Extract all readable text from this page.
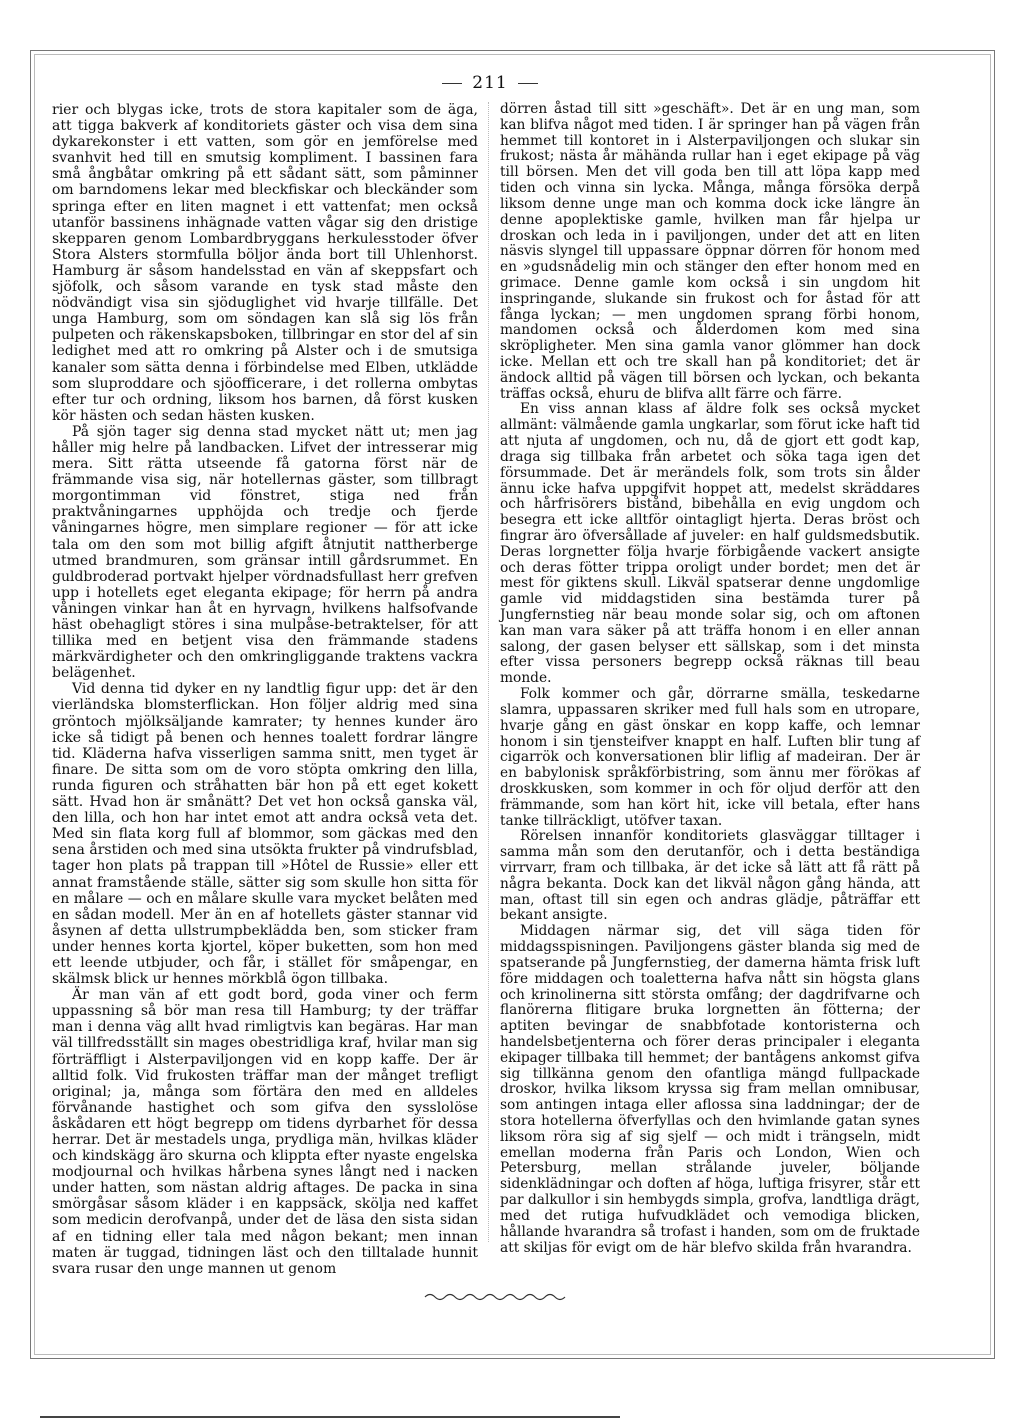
211

rier och blygas icke, trots de stora kapitaler som de äga, att tigga bakverk af konditoriets gäster och visa dem sina dykarekonster i ett vatten, som gör en jemförelse med svanhvit hed till en smutsig kompliment. I bassinen fara små ångbåtar omkring på ett sådant sätt, som påminner om barndomens lekar med bleckfiskar och bleckänder som springa efter en liten magnet i ett vattenfat; men också utanför bassinens inhägnade vatten vågar sig den dristige skepparen genom Lombardbryggans herkulesstoder öfver Stora Alsters stormfulla böljor ända bort till Uhlenhorst. Hamburg är såsom handelsstad en vän af skeppsfart och sjöfolk, och såsom varande en tysk stad måste den nödvändigt visa sin sjöduglighet vid hvarje tillfälle. Det unga Hamburg, som om söndagen kan slå sig lös från pulpeten och räkenskapsboken, tillbringar en stor del af sin ledighet med att ro omkring på Alster och i de smutsiga kanaler som sätta denna i förbindelse med Elben, utklädde som sluproddare och sjöofficerare, i det rollerna ombytas efter tur och ordning, liksom hos barnen, då först kusken kör hästen och sedan hästen kusken.

På sjön tager sig denna stad mycket nätt ut; men jag håller mig helre på landbacken. Lifvet der intresserar mig mera. Sitt rätta utseende få gatorna först när de främmande visa sig, när hotellernas gäster, som tillbragt morgontimman vid fönstret, stiga ned från praktvåningarnes upphöjda och tredje och fjerde våningarnes högre, men simplare regioner — för att icke tala om den som mot billig afgift åtnjutit nattherberge utmed brandmuren, som gränsar intill gårdsrummet. En guldbroderad portvakt hjelper vördnadsfullast herr grefven upp i hotellets eget eleganta ekipage; för herrn på andra våningen vinkar han åt en hyrvagn, hvilkens halfsofvande häst obehagligt störes i sina mulpåse-betraktelser, för att tillika med en betjent visa den främmande stadens märkvärdigheter och den omkringliggande traktens vackra belägenhet.

Vid denna tid dyker en ny landtlig figur upp: det är den vierländska blomsterflickan. Hon följer aldrig med sina gröntoch mjölksäljande kamrater; ty hennes kunder äro icke så tidigt på benen och hennes toalett fordrar längre tid. Kläderna hafva visserligen samma snitt, men tyget är finare. De sitta som om de voro stöpta omkring den lilla, runda figuren och stråhatten bär hon på ett eget kokett sätt. Hvad hon är smånätt? Det vet hon också ganska väl, den lilla, och hon har intet emot att andra också veta det. Med sin flata korg full af blommor, som gäckas med den sena årstiden och med sina utsökta frukter på vindrufsblad, tager hon plats på trappan till »Hôtel de Russie» eller ett annat framstående ställe, sätter sig som skulle hon sitta för en målare — och en målare skulle vara mycket belåten med en sådan modell. Mer än en af hotellets gäster stannar vid åsynen af detta ullstrumpbeklädda ben, som sticker fram under hennes korta kjortel, köper buketten, som hon med ett leende utbjuder, och får, i stället för småpengar, en skälmsk blick ur hennes mörkblå ögon tillbaka.

Är man vän af ett godt bord, goda viner och ferm uppassning så bör man resa till Hamburg; ty der träffar man i denna väg allt hvad rimligtvis kan begäras. Har man väl tillfredsställt sin mages obestridliga kraf, hvilar man sig förträffligt i Alsterpaviljongen vid en kopp kaffe. Der är alltid folk. Vid frukosten träffar man der månget trefligt original; ja, många som förtära den med en alldeles förvånande hastighet och som gifva den sysslolöse åskådaren ett högt begrepp om tidens dyrbarhet för dessa herrar. Det är mestadels unga, prydliga män, hvilkas kläder och kindskägg äro skurna och klippta efter nyaste engelska modjournal och hvilkas hårbena synes långt ned i nacken under hatten, som nästan aldrig aftages. De packa in sina smörgåsar såsom kläder i en kappsäck, skölja ned kaffet som medicin derofvanpå, under det de läsa den sista sidan af en tidning eller tala med någon bekant; men innan maten är tuggad, tidningen läst och den tilltalade hunnit svara rusar den unge mannen ut genom

dörren åstad till sitt »geschäft». Det är en ung man, som kan blifva något med tiden. I är springer han på vägen från hemmet till kontoret in i Alsterpaviljongen och slukar sin frukost; nästa år mähända rullar han i eget ekipage på väg till börsen. Men det vill goda ben till att löpa kapp med tiden och vinna sin lycka. Många, många försöka derpå liksom denne unge man och komma dock icke längre än denne apoplektiske gamle, hvilken man får hjelpa ur droskan och leda in i paviljongen, under det att en liten näsvis slyngel till uppassare öppnar dörren för honom med en »gudsnådelig min och stänger den efter honom med en grimace. Denne gamle kom också i sin ungdom hit inspringande, slukande sin frukost och for åstad för att fånga lyckan; — men ungdomen sprang förbi honom, mandomen också och ålderdomen kom med sina skröpligheter. Men sina gamla vanor glömmer han dock icke. Mellan ett och tre skall han på konditoriet; det är ändock alltid på vägen till börsen och lyckan, och bekanta träffas också, ehuru de blifva allt färre och färre.

En viss annan klass af äldre folk ses också mycket allmänt: välmående gamla ungkarlar, som förut icke haft tid att njuta af ungdomen, och nu, då de gjort ett godt kap, draga sig tillbaka från arbetet och söka taga igen det försummade. Det är merändels folk, som trots sin ålder ännu icke hafva uppgifvit hoppet att, medelst skräddares och hårfrisörers bistånd, bibehålla en evig ungdom och besegra ett icke alltför ointagligt hjerta. Deras bröst och fingrar äro öfversållade af juveler: en half guldsmedsbutik. Deras lorgnetter följa hvarje förbigående vackert ansigte och deras fötter trippa oroligt under bordet; men det är mest för giktens skull. Likväl spatserar denne ungdomlige gamle vid middagstiden sina bestämda turer på Jungfernstieg när beau monde solar sig, och om aftonen kan man vara säker på att träffa honom i en eller annan salong, der gasen belyser ett sällskap, som i det minsta efter vissa personers begrepp också räknas till beau monde.

Folk kommer och går, dörrarne smälla, teskedarne slamra, uppassaren skriker med full hals som en utropare, hvarje gång en gäst önskar en kopp kaffe, och lemnar honom i sin tjensteifver knappt en half. Luften blir tung af cigarrök och konversationen blir liflig af madeiran. Der är en babylonisk språkförbistring, som ännu mer förökas af droskkusken, som kommer in och för oljud derför att den främmande, som han kört hit, icke vill betala, efter hans tanke tillräckligt, utöfver taxan.

Rörelsen innanför konditoriets glasväggar tilltager i samma mån som den derutanför, och i detta beständiga virrvarr, fram och tillbaka, är det icke så lätt att få rätt på några bekanta. Dock kan det likväl någon gång hända, att man, oftast till sin egen och andras glädje, påträffar ett bekant ansigte.

Middagen närmar sig, det vill säga tiden för middagsspisningen. Paviljongens gäster blanda sig med de spatserande på Jungfernstieg, der damerna hämta frisk luft före middagen och toaletterna hafva nått sin högsta glans och krinolinerna sitt största omfång; der dagdrifvarne och flanörerna flitigare bruka lorgnetten än fötterna; der aptiten bevingar de snabbfotade kontoristerna och handelsbetjenterna och förer deras principaler i eleganta ekipager tillbaka till hemmet; der bantågens ankomst gifva sig tillkänna genom den ofantliga mängd fullpackade droskor, hvilka liksom kryssa sig fram mellan omnibusar, som antingen intaga eller aflossa sina laddningar; der de stora hotellerna öfverfyllas och den hvimlande gatan synes liksom röra sig af sig sjelf — och midt i trängseln, midt emellan moderna från Paris och London, Wien och Petersburg, mellan strålande juveler, böljande sidenklädningar och doften af höga, luftiga frisyrer, står ett par dalkullor i sin hembygds simpla, grofva, landtliga drägt, med det rutiga hufvudklädet och vemodiga blicken, hållande hvarandra så trofast i handen, som om de fruktade att skiljas för evigt om de här blefvo skilda från hvarandra.
